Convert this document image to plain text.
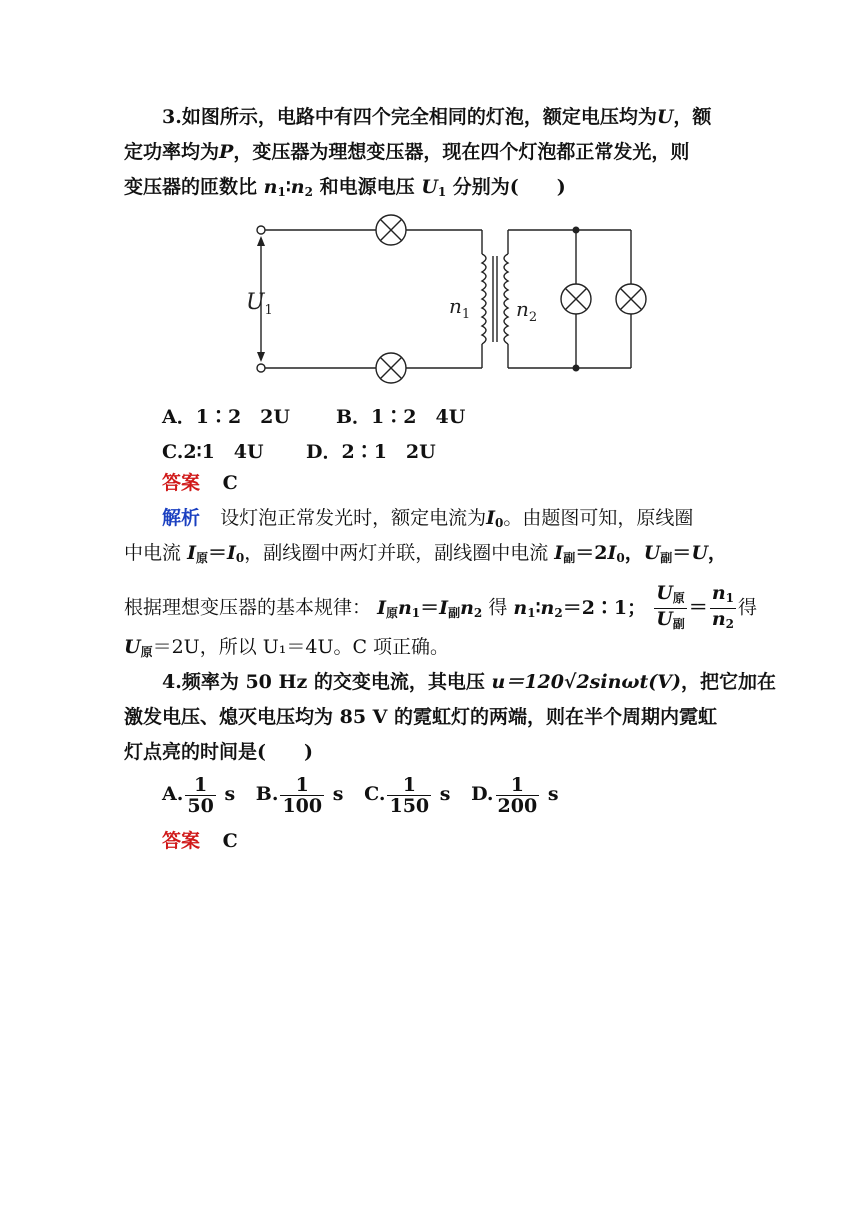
3.如图所示，电路中有四个完全相同的灯泡，额定电压均为U，额
定功率均为P，变压器为理想变压器，现在四个灯泡都正常发光，则
变压器的匝数比 $n_1∶n_2$ 和电源电压 $U_1$ 分别为(　　)
$U_1$	$n_1$ $n_2$
A．1∶2　2U B．1∶2　4U
C.2∶1　4U D．2∶1　2U
答案 C
解析 设灯泡正常发光时，额定电流为$I_0$。由题图可知，原线圈
中电流 $I_原=I_0$，副线圈中两灯并联，副线圈中电流 $I_副=2I_0$，$U_副=U$，
根据理想变压器的基本规律： $I_原n_1=I_副n_2$ 得 $n_1∶n_2=2∶1$； $\frac{U_原}{U_副} = \frac{n_1}{n_2}$ 得
$U_原=2U$，所以 U₁＝4U。C 项正确。
4.频率为 50 Hz 的交变电流，其电压 u＝120√2sinωt(V)，把它加在
激发电压、熄灭电压均为 85 V 的霓虹灯的两端，则在半个周期内霓虹
灯点亮的时间是(　　)
A. $\frac{1}{50}$ s B. $\frac{1}{100}$ s C. $\frac{1}{150}$ s D. $\frac{1}{200}$ s
答案 C
